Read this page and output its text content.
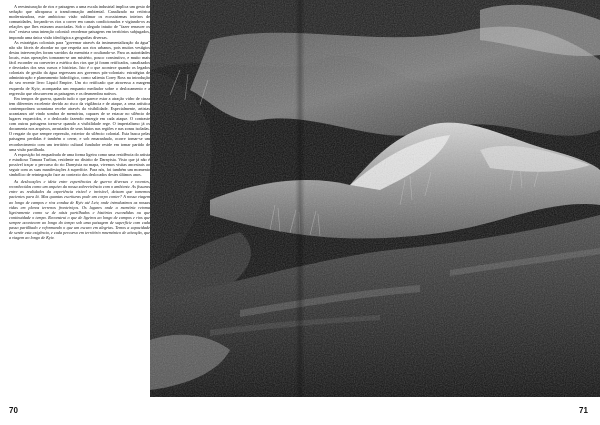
A reestruturação de rios e paisagens a uma escala industrial implica um gesto de sedução que ultrapassa a transformação ambiental. Canalizado na retórica modernizadora, este ambicioso visão sublimar os ecossistemas inteiros de comunidades, forçando-os rios a correr em canais condicionados e vigiando-os as relações que lhes estavam associadas. Sob o alegado intuito de "fazer renascer os rios" restava uma intenção colonial: reordenar paisagens em territórios subjugados, impondo uma única visão ideológica a geografias diversas.

As estratégias coloniais para "governar através da instrumentalização da água" não são fáceis de abordar no que respeita aos rios urbanos, pois muitos vestígios destas intervenções foram varridos da memória e ocultando-se. Para as autoridades locais, estas operações tornaram-se um mistério, pouco construtivo, e muito mais fácil esconder ou converter a estética dos rios que já foram retificados, canalizados e desviados dos seus cursos e histórias. Isto é o que acontece quando os legados coloniais de gestão da água regressam aos governos pós-coloniais: estratégias de administração e planeamento hidrológico, como salienta Corey Ross na introdução do seu recente livro Liquid Empire. Um rio retificado que atravessa a margem esquerda de Kyiv, acompanha um enquanto mediador sobre o deslocamento e a regressão que obscurecem as paisagens e os desmembra nativos.

Em tempos de guerra, quando tudo o que parece estar a atração vidro de cinza tem diferentes excelente devido ao risco da vigilância e de ataque, a cena artística contemporânea ucraniana recebe através da visibilidade. Especialmente, artistas ucranianos até vindo sombra de memórias, capazes de se estacar no silêncio de lugares esquecidos, e o deslocado fazendo emergir em cada ataque. O contraste com outras paisagens torna-se quando a visibilidade rege. O imperialismo já os documenta nos arquivos, arrastados de seus hiatos nas regiões e nas zonas isoladas. O resgate do que sempre repressão, exterior do silêncio colonial. Esta busca pelas paisagens perdidas é também o cerne, e sob emaranhado, ocorre tornar-se um reconhecimento com um território cultural fundador reside em tomar partido de uma visão partilhada.

A exposição foi enquadrada de uma forma ligeira como uma residência do artista e estudioso Tamara Turliun, residente no distrito de Darnytsia. Visto que já não é possível traçar o percurso do rio Darnytsia no mapa, vivemos visitas ancestrais ao seguir com as suas manifestações à superfície. Para nós, foi também um momento simbólico de reintegração face ao contexto dos deslocados destes últimos anos.

As deslocações e ideia entre experiências de guerra diversas e recentes, reconhecidas como um arquivo da nossa sobrevivência com o ambiente. As fissuras entre as realidades da experiência visível e invisível, deixam que tomemos pacientes para lá. Mas quantas escrituras pode um corpo conter? A nossa viagem ao longo de campos e rios conduz de Kyiv até Lviv, onde introduzimos as nossas vidas em plenos terrenos fronteiriços. Os lugares onde a memória retoma ligeiramente como se de oásis partilhados e histórias escondidas ou que continuidade o tempo. Reconstrui o que de ligeiros ao longo de campos e rios que sempre acontecem ao longo do tempo sob uma paisagem de superfície com cada passo partilhado e reformando o que um escuro em alegrias. Temos a capacidade de sentir esta exigência, e cada percurso em território mnemónico de ativação, que a viagem ao longo de Kyiv.

70	71
